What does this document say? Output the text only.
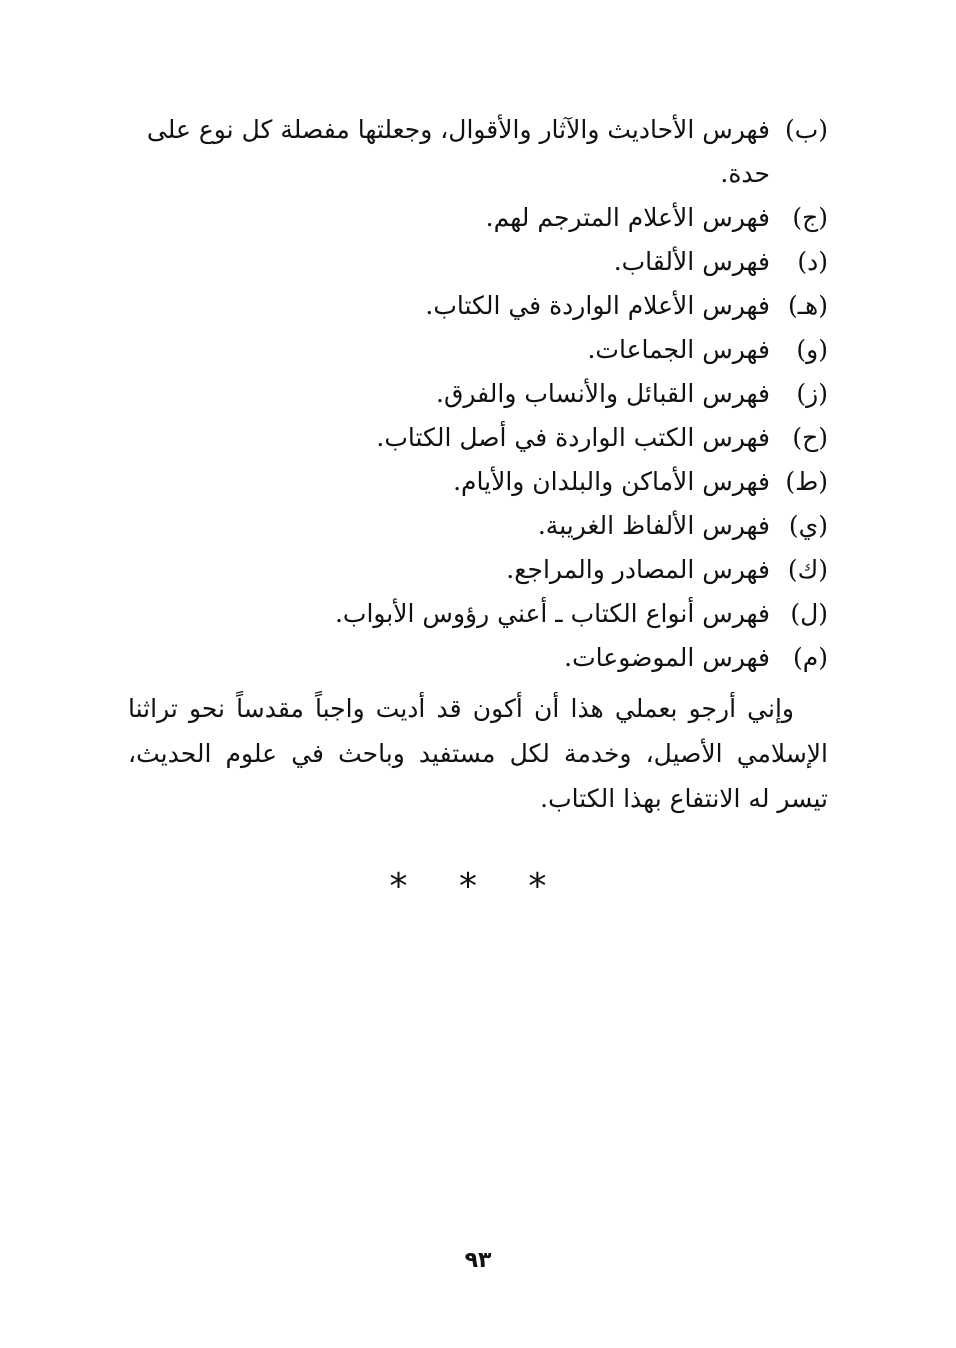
(ب)
فهرس الأحاديث والآثار والأقوال، وجعلتها مفصلة كل نوع على حدة.
(ج)
فهرس الأعلام المترجم لهم.
(د)
فهرس الألقاب.
(هـ)
فهرس الأعلام الواردة في الكتاب.
(و)
فهرس الجماعات.
(ز)
فهرس القبائل والأنساب والفرق.
(ح)
فهرس الكتب الواردة في أصل الكتاب.
(ط)
فهرس الأماكن والبلدان والأيام.
(ي)
فهرس الألفاظ الغريبة.
(ك)
فهرس المصادر والمراجع.
(ل)
فهرس أنواع الكتاب ـ أعني رؤوس الأبواب.
(م)
فهرس الموضوعات.

وإني أرجو بعملي هذا أن أكون قد أديت واجباً مقدساً نحو تراثنا الإسلامي الأصيل، وخدمة لكل مستفيد وباحث في علوم الحديث، تيسر له الانتفاع بهذا الكتاب.

* * *
٩٣
